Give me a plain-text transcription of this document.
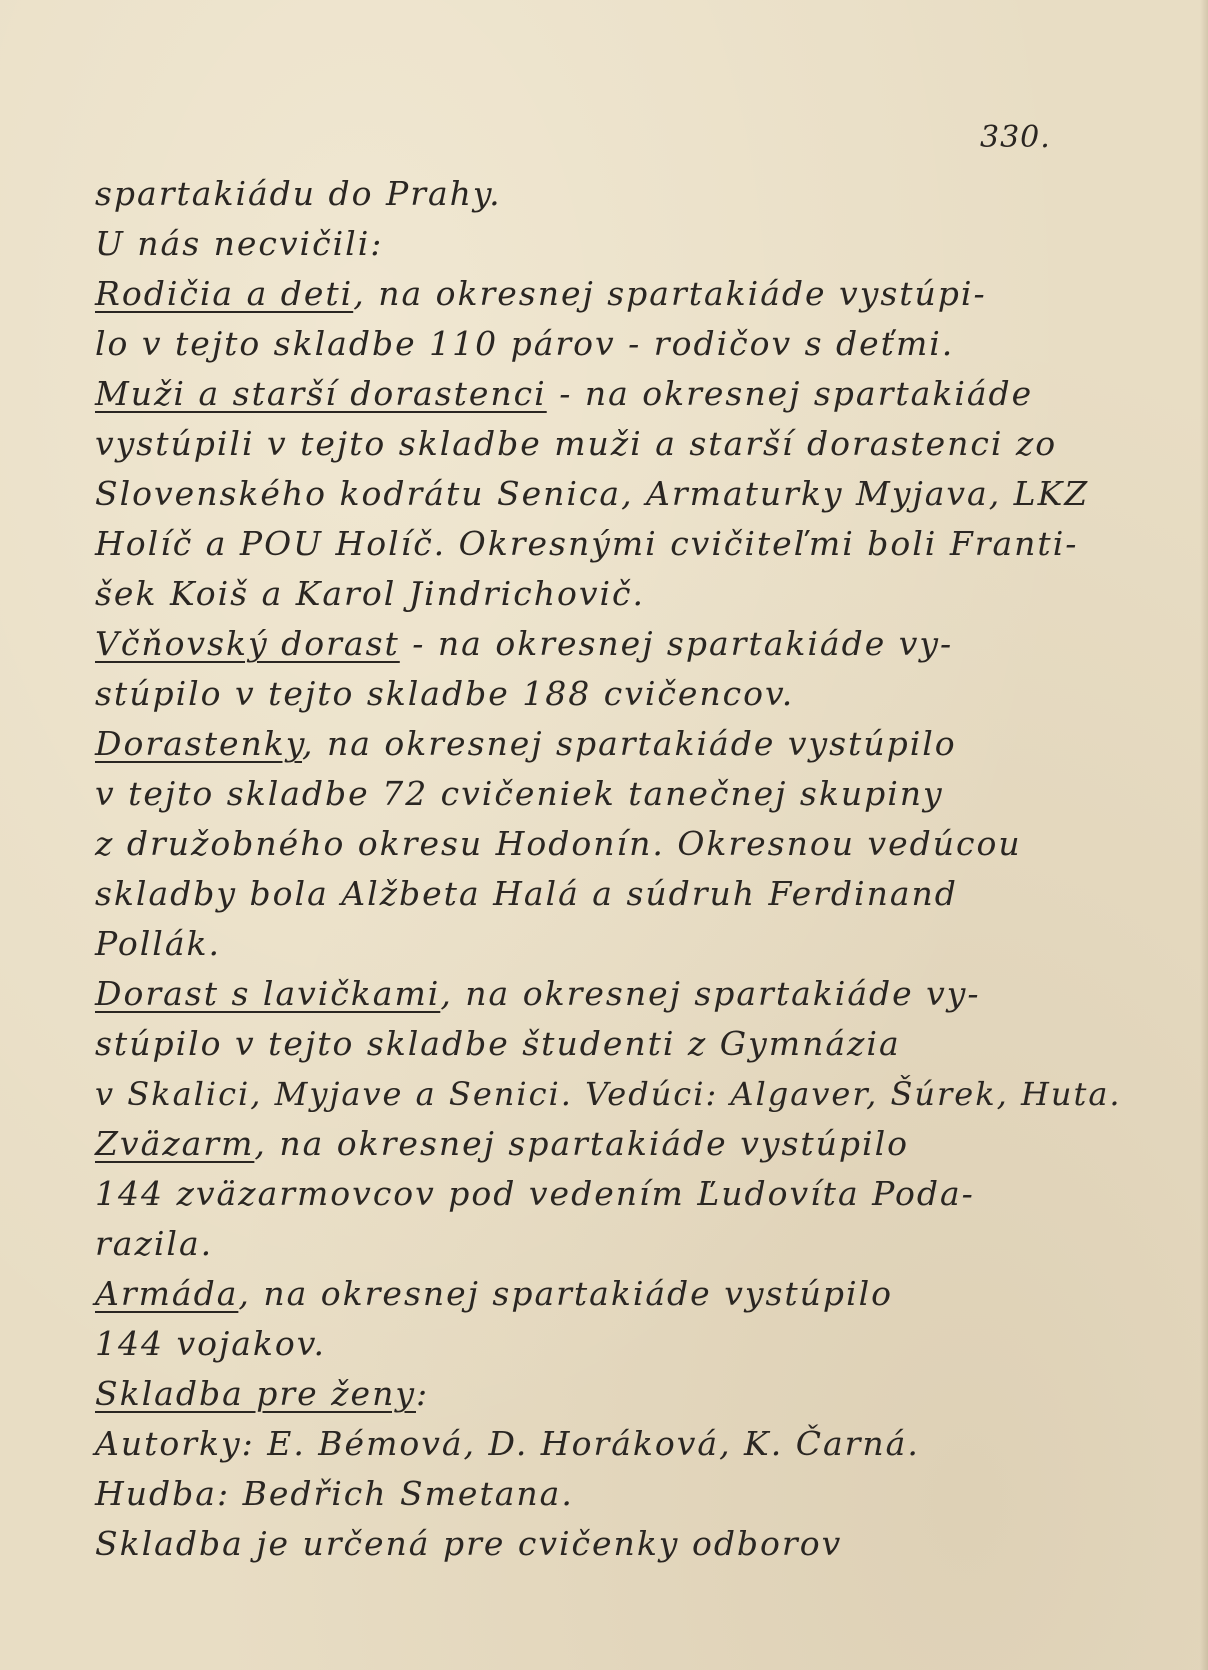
330.
spartakiádu do Prahy.
U nás necvičili:
Rodičia a deti, na okresnej spartakiáde vystúpi-
lo v tejto skladbe 110 párov - rodičov s deťmi.
Muži a starší dorastenci - na okresnej spartakiáde
vystúpili v tejto skladbe muži a starší dorastenci zo
Slovenského kodrátu Senica, Armaturky Myjava, LKZ
Holíč a POU Holíč. Okresnými cvičiteľmi boli Franti-
šek Koiš a Karol Jindrichovič.
Včňovský dorast - na okresnej spartakiáde vy-
stúpilo v tejto skladbe 188 cvičencov.
Dorastenky, na okresnej spartakiáde vystúpilo
v tejto skladbe 72 cvičeniek tanečnej skupiny
z družobného okresu Hodonín. Okresnou vedúcou
skladby bola Alžbeta Halá a súdruh Ferdinand
Pollák.
Dorast s lavičkami, na okresnej spartakiáde vy-
stúpilo v tejto skladbe študenti z Gymnázia
v Skalici, Myjave a Senici. Vedúci: Algaver, Šúrek, Huta.
Zväzarm, na okresnej spartakiáde vystúpilo
144 zväzarmovcov pod vedením Ľudovíta Poda-
razila.
Armáda, na okresnej spartakiáde vystúpilo
144 vojakov.
Skladba pre ženy:
Autorky: E. Bémová, D. Horáková, K. Čarná.
Hudba: Bedřich Smetana.
Skladba je určená pre cvičenky odborov
